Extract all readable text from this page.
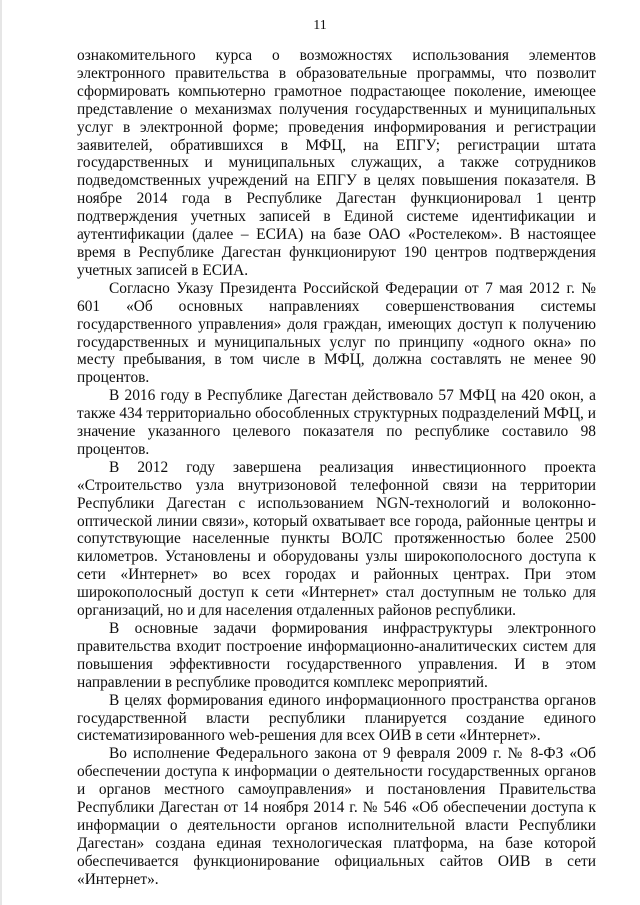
11

ознакомительного курса о возможностях использования элементов электронного правительства в образовательные программы, что позволит сформировать компьютерно грамотное подрастающее поколение, имеющее представление о механизмах получения государственных и муниципальных услуг в электронной форме; проведения информирования и регистрации заявителей, обратившихся в МФЦ, на ЕПГУ; регистрации штата государственных и муниципальных служащих, а также сотрудников подведомственных учреждений на ЕПГУ в целях повышения показателя. В ноябре 2014 года в Республике Дагестан функционировал 1 центр подтверждения учетных записей в Единой системе идентификации и аутентификации (далее – ЕСИА) на базе ОАО «Ростелеком». В настоящее время в Республике Дагестан функционируют 190 центров подтверждения учетных записей в ЕСИА.

Согласно Указу Президента Российской Федерации от 7 мая 2012 г. № 601 «Об основных направлениях совершенствования системы государственного управления» доля граждан, имеющих доступ к получению государственных и муниципальных услуг по принципу «одного окна» по месту пребывания, в том числе в МФЦ, должна составлять не менее 90 процентов.

В 2016 году в Республике Дагестан действовало 57 МФЦ на 420 окон, а также 434 территориально обособленных структурных подразделений МФЦ, и значение указанного целевого показателя по республике составило 98 процентов.

В 2012 году завершена реализация инвестиционного проекта «Строительство узла внутризоновой телефонной связи на территории Республики Дагестан с использованием NGN-технологий и волоконно-оптической линии связи», который охватывает все города, районные центры и сопутствующие населенные пункты ВОЛС протяженностью более 2500 километров. Установлены и оборудованы узлы широкополосного доступа к сети «Интернет» во всех городах и районных центрах. При этом широкополосный доступ к сети «Интернет» стал доступным не только для организаций, но и для населения отдаленных районов республики.

В основные задачи формирования инфраструктуры электронного правительства входит построение информационно-аналитических систем для повышения эффективности государственного управления. И в этом направлении в республике проводится комплекс мероприятий.

В целях формирования единого информационного пространства органов государственной власти республики планируется создание единого систематизированного web-решения для всех ОИВ в сети «Интернет».

Во исполнение Федерального закона от 9 февраля 2009 г. № 8-ФЗ «Об обеспечении доступа к информации о деятельности государственных органов и органов местного самоуправления» и постановления Правительства Республики Дагестан от 14 ноября 2014 г. № 546 «Об обеспечении доступа к информации о деятельности органов исполнительной власти Республики Дагестан» создана единая технологическая платформа, на базе которой обеспечивается функционирование официальных сайтов ОИВ в сети «Интернет».
